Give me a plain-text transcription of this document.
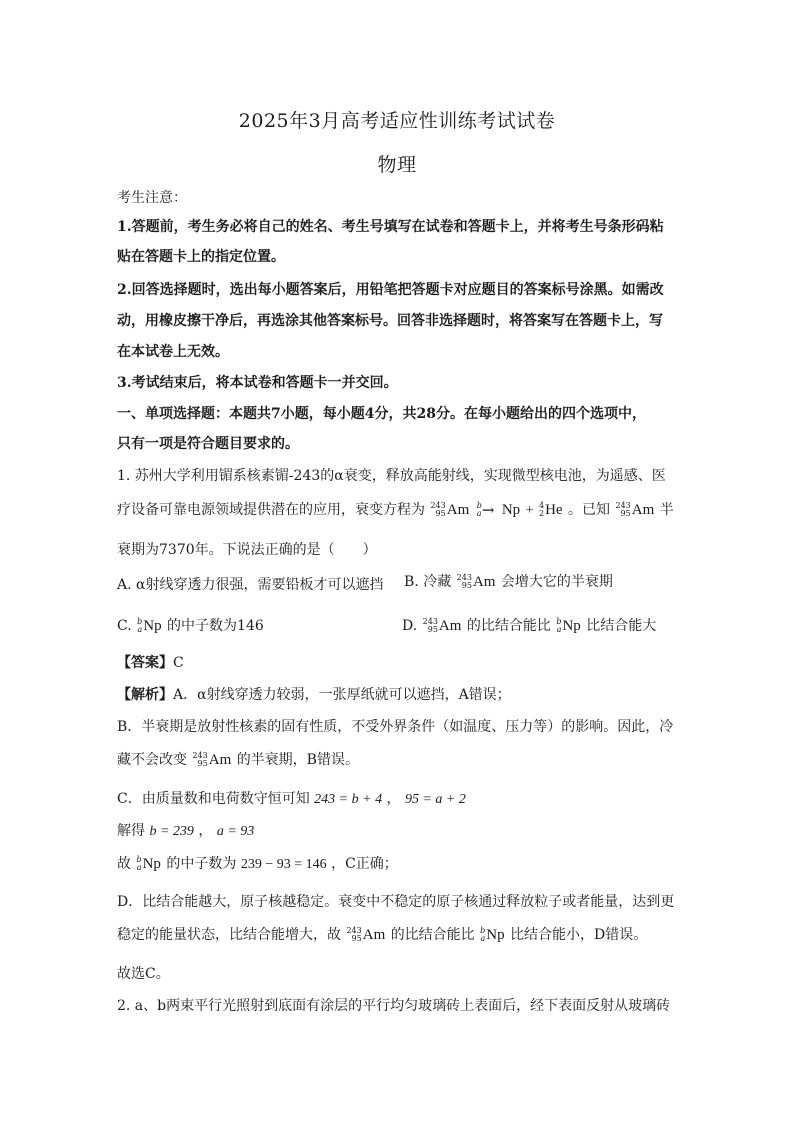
2025年3月高考适应性训练考试试卷
物理
考生注意：
1.答题前，考生务必将自己的姓名、考生号填写在试卷和答题卡上，并将考生号条形码粘
贴在答题卡上的指定位置。
2.回答选择题时，选出每小题答案后，用铅笔把答题卡对应题目的答案标号涂黑。如需改
动，用橡皮擦干净后，再选涂其他答案标号。回答非选择题时，将答案写在答题卡上，写
在本试卷上无效。
3.考试结束后，将本试卷和答题卡一并交回。
一、单项选择题：本题共7小题，每小题4分，共28分。在每小题给出的四个选项中，
只有一项是符合题目要求的。
1. 苏州大学利用镅系核素镅-243的α衰变，释放高能射线，实现微型核电池，为遥感、医
疗设备可靠电源领域提供潜在的应用，衰变方程为 243
95 Am
b
a →
Np + 4
2 He 。已知 243
95 Am 半
衰期为7370年。下说法正确的是（　　）
A. α射线穿透力很强，需要铅板才可以遮挡	B. 冷藏 243
95 Am 会增大它的半衰期
C. b
a Np 的中子数为146	D. 243
95 Am 的比结合能比 b
a Np 比结合能大
【答案】C
【解析】A．α射线穿透力较弱，一张厚纸就可以遮挡，A错误；
B．半衰期是放射性核素的固有性质，不受外界条件（如温度、压力等）的影响。因此，冷
藏不会改变 243
95 Am 的半衰期，B错误。
C．由质量数和电荷数守恒可知 243 = b + 4 ， 95 = a + 2
解得 b = 239 ， a = 93
故 b
a Np 的中子数为 239 − 93 = 146 ，C正确；
D．比结合能越大，原子核越稳定。衰变中不稳定的原子核通过释放粒子或者能量，达到更
稳定的能量状态，比结合能增大，故 243
95 Am 的比结合能比 b
a Np 比结合能小，D错误。
故选C。
2. a、b两束平行光照射到底面有涂层的平行均匀玻璃砖上表面后，经下表面反射从玻璃砖
